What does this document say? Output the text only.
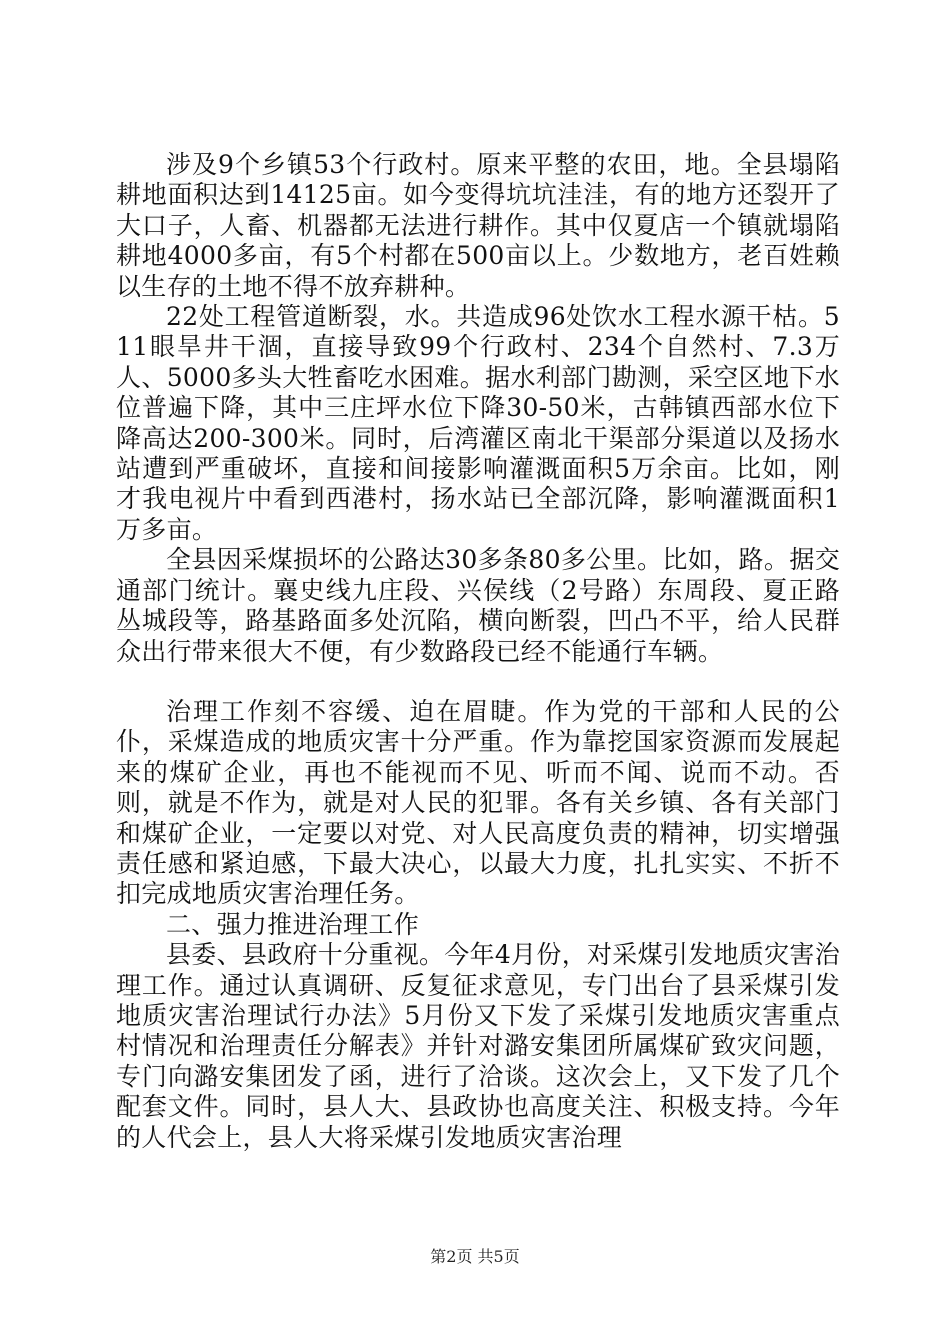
涉及9个乡镇53个行政村。原来平整的农田，地。全县塌陷耕地面积达到14125亩。如今变得坑坑洼洼，有的地方还裂开了大口子，人畜、机器都无法进行耕作。其中仅夏店一个镇就塌陷耕地4000多亩，有5个村都在500亩以上。少数地方，老百姓赖以生存的土地不得不放弃耕种。

22处工程管道断裂，水。共造成96处饮水工程水源干枯。511眼旱井干涸，直接导致99个行政村、234个自然村、7.3万人、5000多头大牲畜吃水困难。据水利部门勘测，采空区地下水位普遍下降，其中三庄坪水位下降30-50米，古韩镇西部水位下降高达200-300米。同时，后湾灌区南北干渠部分渠道以及扬水站遭到严重破坏，直接和间接影响灌溉面积5万余亩。比如，刚才我电视片中看到西港村，扬水站已全部沉降，影响灌溉面积1万多亩。

全县因采煤损坏的公路达30多条80多公里。比如，路。据交通部门统计。襄史线九庄段、兴侯线（2号路）东周段、夏正路丛城段等，路基路面多处沉陷，横向断裂，凹凸不平，给人民群众出行带来很大不便，有少数路段已经不能通行车辆。

治理工作刻不容缓、迫在眉睫。作为党的干部和人民的公仆，采煤造成的地质灾害十分严重。作为靠挖国家资源而发展起来的煤矿企业，再也不能视而不见、听而不闻、说而不动。否则，就是不作为，就是对人民的犯罪。各有关乡镇、各有关部门和煤矿企业，一定要以对党、对人民高度负责的精神，切实增强责任感和紧迫感，下最大决心，以最大力度，扎扎实实、不折不扣完成地质灾害治理任务。

二、强力推进治理工作

县委、县政府十分重视。今年4月份，对采煤引发地质灾害治理工作。通过认真调研、反复征求意见，专门出台了县采煤引发地质灾害治理试行办法》5月份又下发了采煤引发地质灾害重点村情况和治理责任分解表》并针对潞安集团所属煤矿致灾问题，专门向潞安集团发了函，进行了洽谈。这次会上，又下发了几个配套文件。同时，县人大、县政协也高度关注、积极支持。今年的人代会上，县人大将采煤引发地质灾害治理

第2页 共5页
